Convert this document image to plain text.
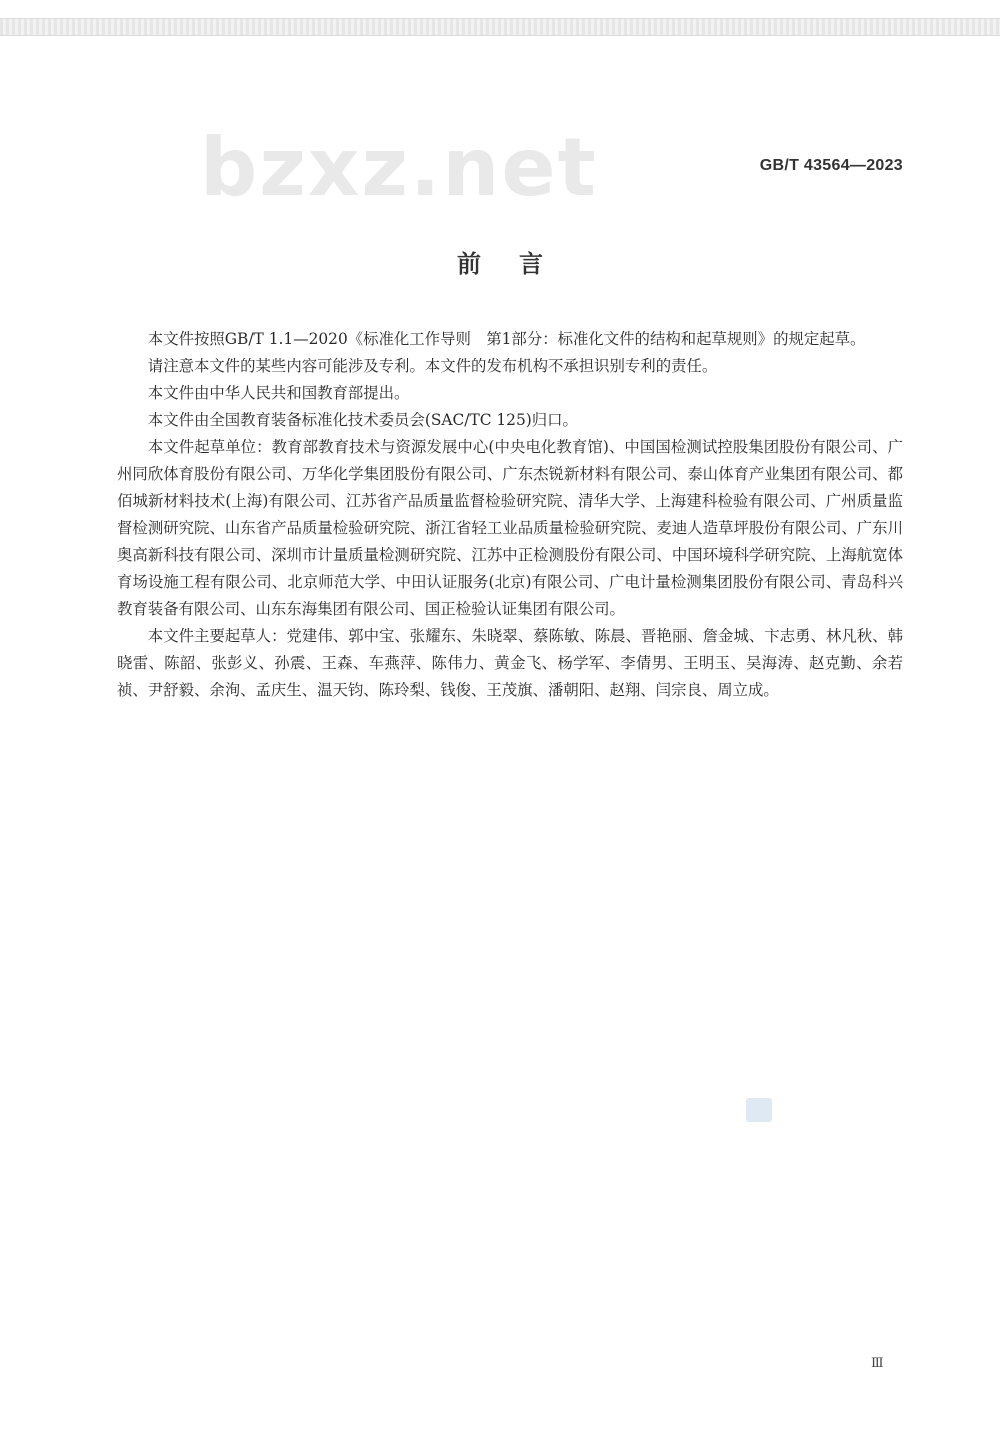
bzxz.net	GB/T 43564—2023
前言

本文件按照GB/T 1.1—2020《标准化工作导则　第1部分：标准化文件的结构和起草规则》的规定起草。

请注意本文件的某些内容可能涉及专利。本文件的发布机构不承担识别专利的责任。

本文件由中华人民共和国教育部提出。

本文件由全国教育装备标准化技术委员会(SAC/TC 125)归口。

本文件起草单位：教育部教育技术与资源发展中心(中央电化教育馆)、中国国检测试控股集团股份有限公司、广州同欣体育股份有限公司、万华化学集团股份有限公司、广东杰锐新材料有限公司、泰山体育产业集团有限公司、都佰城新材料技术(上海)有限公司、江苏省产品质量监督检验研究院、清华大学、上海建科检验有限公司、广州质量监督检测研究院、山东省产品质量检验研究院、浙江省轻工业品质量检验研究院、麦迪人造草坪股份有限公司、广东川奥高新科技有限公司、深圳市计量质量检测研究院、江苏中正检测股份有限公司、中国环境科学研究院、上海航宽体育场设施工程有限公司、北京师范大学、中田认证服务(北京)有限公司、广电计量检测集团股份有限公司、青岛科兴教育装备有限公司、山东东海集团有限公司、国正检验认证集团有限公司。

本文件主要起草人：党建伟、郭中宝、张耀东、朱晓翠、蔡陈敏、陈晨、晋艳丽、詹金城、卞志勇、林凡秋、韩晓雷、陈韶、张彭义、孙震、王森、车燕萍、陈伟力、黄金飞、杨学军、李倩男、王明玉、吴海涛、赵克勤、余若祯、尹舒毅、余洵、孟庆生、温天钧、陈玲梨、钱俊、王茂旗、潘朝阳、赵翔、闫宗良、周立成。

Ⅲ
